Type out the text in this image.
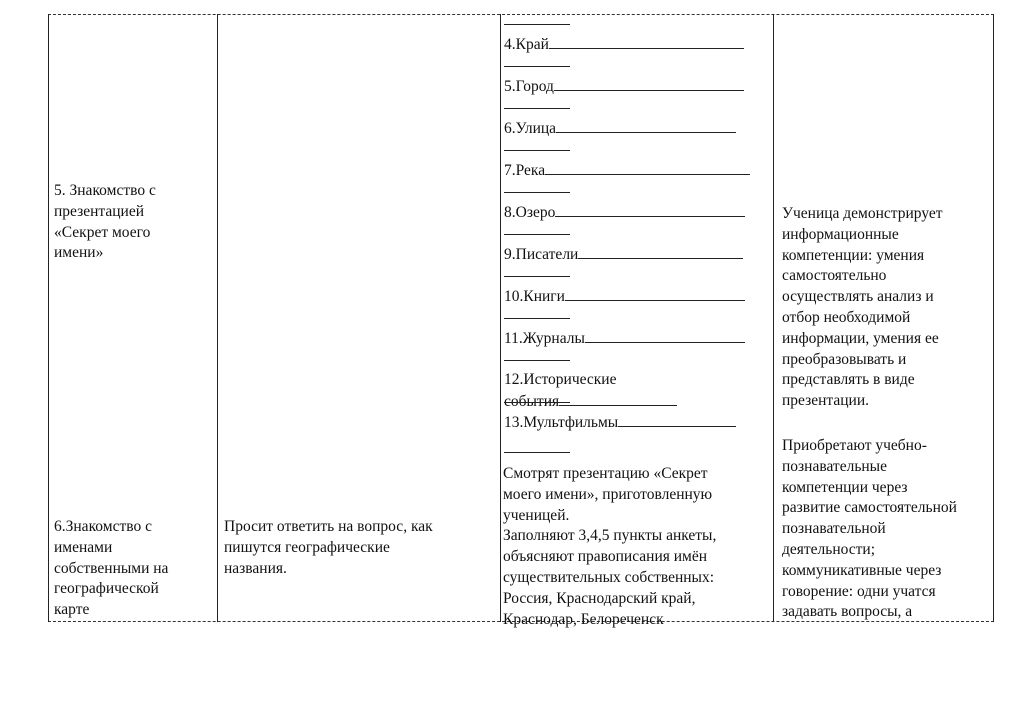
5. Знакомство с
презентацией
«Секрет моего
имени»
6.Знакомство с
именами
собственными на
географической
карте
Просит ответить на вопрос, как
пишутся географические
названия.
4.Край
5.Город
6.Улица
7.Река
8.Озеро
9.Писатели
10.Книги
11.Журналы
12.Исторические
события
13.Мультфильмы
Смотрят презентацию «Секрет
моего имени», приготовленную
ученицей.
Заполняют 3,4,5 пункты анкеты,
объясняют правописания имён
существительных собственных:
Россия, Краснодарский край,
Краснодар, Белореченск
Ученица демонстрирует
информационные
компетенции: умения
самостоятельно
осуществлять анализ и
отбор необходимой
информации, умения ее
преобразовывать и
представлять в виде
презентации.
Приобретают учебно-
познавательные
компетенции через
развитие самостоятельной
познавательной
деятельности;
коммуникативные через
говорение: одни учатся
задавать вопросы, а
